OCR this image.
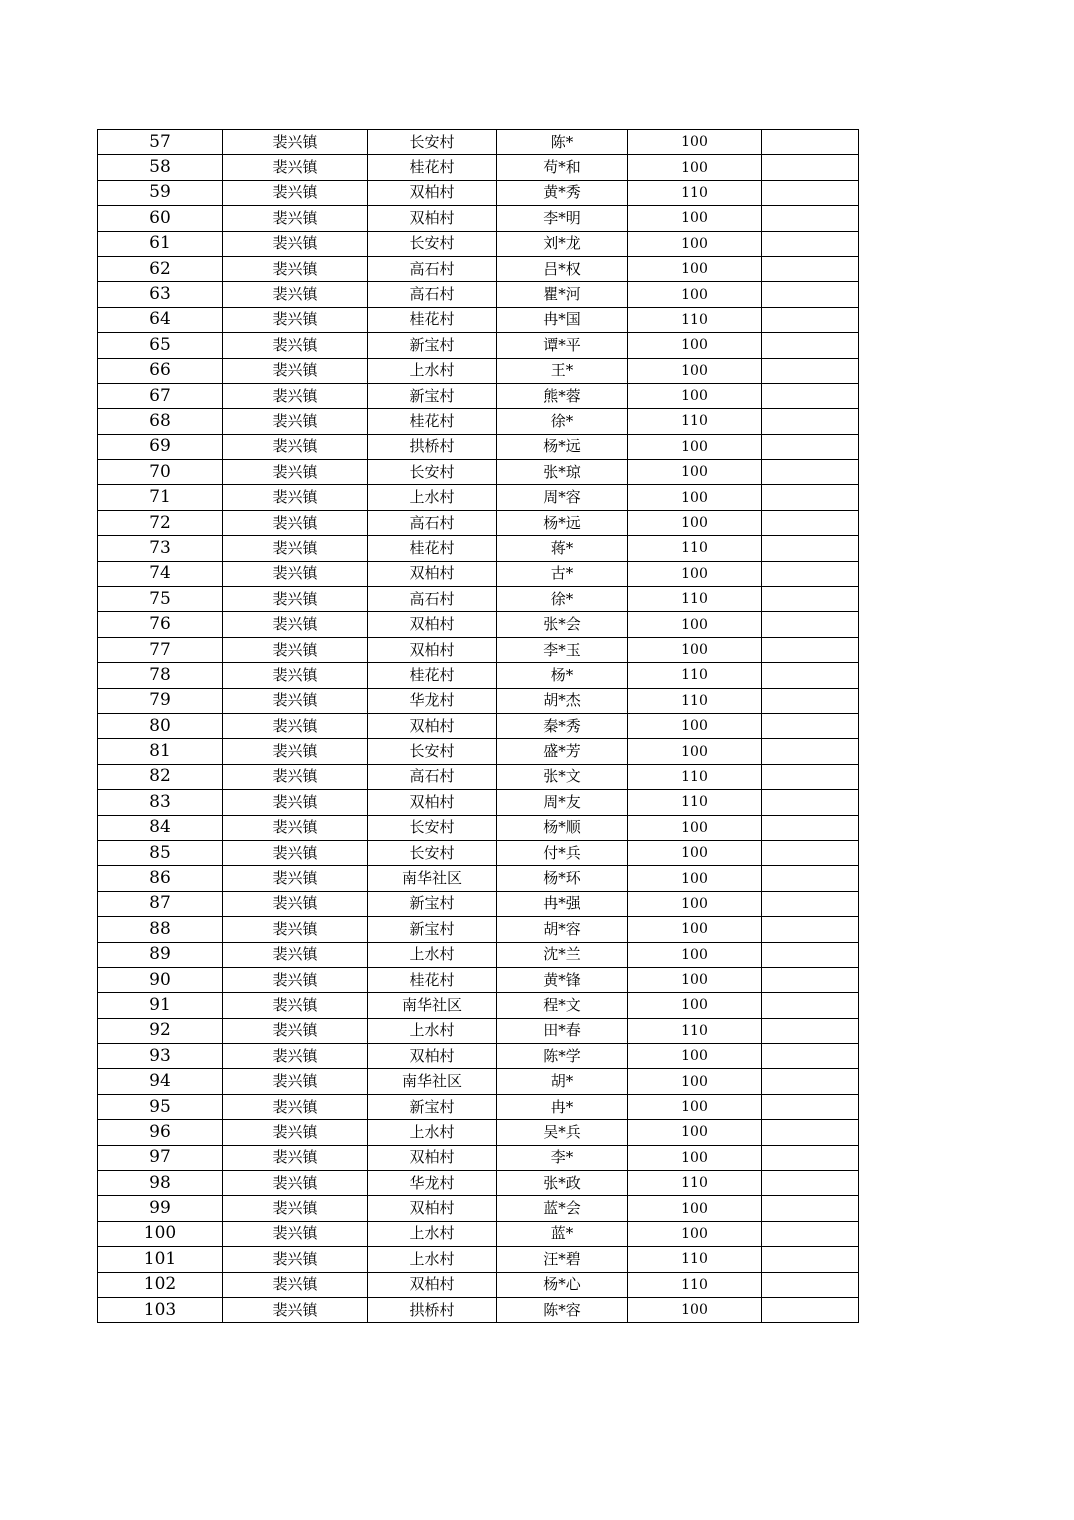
57	裴兴镇	长安村	陈*	100	
58	裴兴镇	桂花村	苟*和	100	
59	裴兴镇	双柏村	黄*秀	110	
60	裴兴镇	双柏村	李*明	100	
61	裴兴镇	长安村	刘*龙	100	
62	裴兴镇	高石村	吕*权	100	
63	裴兴镇	高石村	瞿*河	100	
64	裴兴镇	桂花村	冉*国	110	
65	裴兴镇	新宝村	谭*平	100	
66	裴兴镇	上水村	王*	100	
67	裴兴镇	新宝村	熊*蓉	100	
68	裴兴镇	桂花村	徐*	110	
69	裴兴镇	拱桥村	杨*远	100	
70	裴兴镇	长安村	张*琼	100	
71	裴兴镇	上水村	周*容	100	
72	裴兴镇	高石村	杨*远	100	
73	裴兴镇	桂花村	蒋*	110	
74	裴兴镇	双柏村	古*	100	
75	裴兴镇	高石村	徐*	110	
76	裴兴镇	双柏村	张*会	100	
77	裴兴镇	双柏村	李*玉	100	
78	裴兴镇	桂花村	杨*	110	
79	裴兴镇	华龙村	胡*杰	110	
80	裴兴镇	双柏村	秦*秀	100	
81	裴兴镇	长安村	盛*芳	100	
82	裴兴镇	高石村	张*文	110	
83	裴兴镇	双柏村	周*友	110	
84	裴兴镇	长安村	杨*顺	100	
85	裴兴镇	长安村	付*兵	100	
86	裴兴镇	南华社区	杨*环	100	
87	裴兴镇	新宝村	冉*强	100	
88	裴兴镇	新宝村	胡*容	100	
89	裴兴镇	上水村	沈*兰	100	
90	裴兴镇	桂花村	黄*锋	100	
91	裴兴镇	南华社区	程*文	100	
92	裴兴镇	上水村	田*春	110	
93	裴兴镇	双柏村	陈*学	100	
94	裴兴镇	南华社区	胡*	100	
95	裴兴镇	新宝村	冉*	100	
96	裴兴镇	上水村	吴*兵	100	
97	裴兴镇	双柏村	李*	100	
98	裴兴镇	华龙村	张*政	110	
99	裴兴镇	双柏村	蓝*会	100	
100	裴兴镇	上水村	蓝*	100	
101	裴兴镇	上水村	汪*碧	110	
102	裴兴镇	双柏村	杨*心	110	
103	裴兴镇	拱桥村	陈*容	100	
